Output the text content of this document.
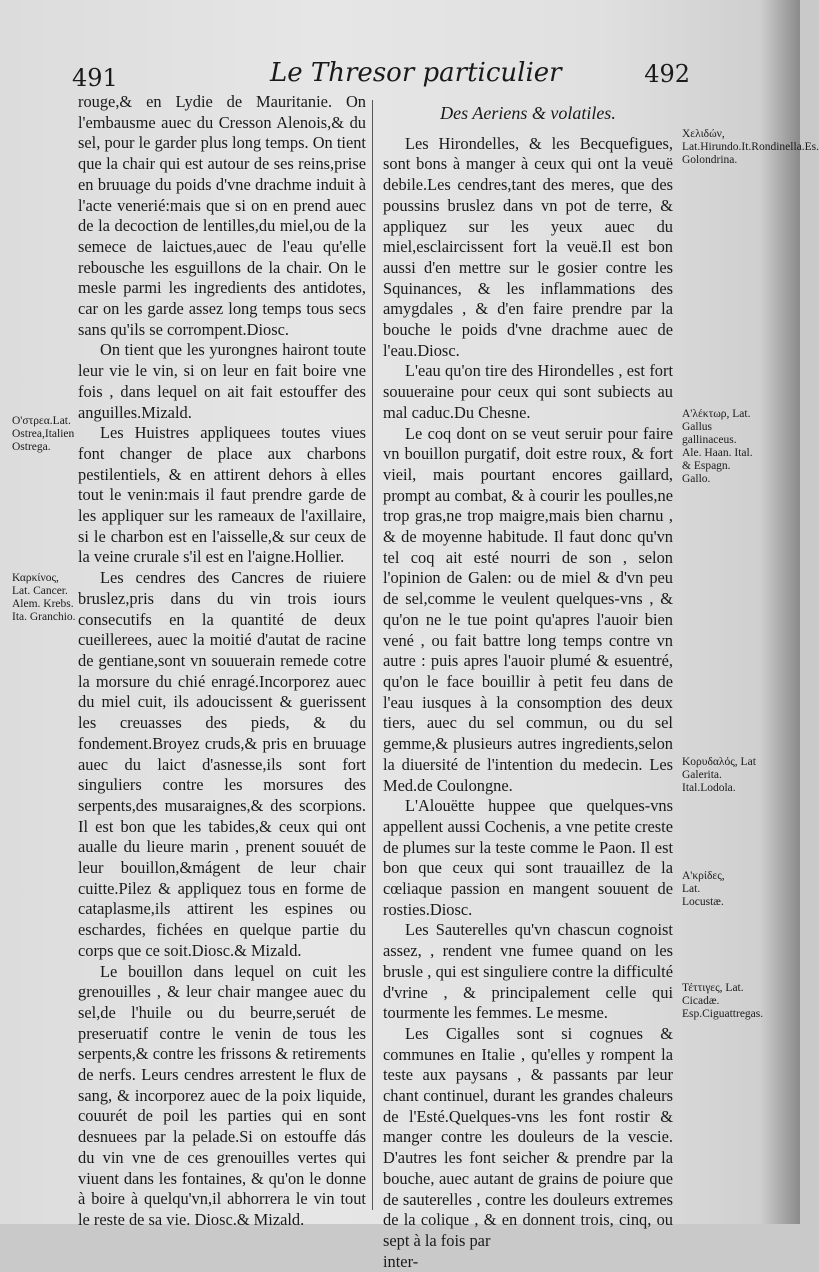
491	Le Thresor particulier	492

rouge,& en Lydie de Mauritanie. On l'embausme auec du Cresson Alenois,& du sel, pour le garder plus long temps. On tient que la chair qui est autour de ses reins,prise en bruuage du poids d'vne drachme induit à l'acte venerié:mais que si on en prend auec de la decoction de lentilles,du miel,ou de la semece de laictues,auec de l'eau qu'elle rebousche les esguillons de la chair. On le mesle parmi les ingredients des antidotes, car on les garde assez long temps tous secs sans qu'ils se corrompent.Diosc.

On tient que les yurongnes hairont toute leur vie le vin, si on leur en fait boire vne fois , dans lequel on ait fait estouffer des anguilles.Mizald.

Les Huistres appliquees toutes viues font changer de place aux charbons pestilentiels, & en attirent dehors à elles tout le venin:mais il faut prendre garde de les appliquer sur les rameaux de l'axillaire, si le charbon est en l'aisselle,& sur ceux de la veine crurale s'il est en l'aigne.Hollier.

Les cendres des Cancres de riuiere bruslez,pris dans du vin trois iours consecutifs en la quantité de deux cueillerees, auec la moitié d'autat de racine de gentiane,sont vn souuerain remede cotre la morsure du chié enragé.Incorporez auec du miel cuit, ils adoucissent & guerissent les creuasses des pieds, & du fondement.Broyez cruds,& pris en bruuage auec du laict d'asnesse,ils sont fort singuliers contre les morsures des serpents,des musaraignes,& des scorpions. Il est bon que les tabides,& ceux qui ont aualle du lieure marin , prenent souuét de leur bouillon,&mágent de leur chair cuitte.Pilez & appliquez tous en forme de cataplasme,ils attirent les espines ou eschardes, fichées en quelque partie du corps que ce soit.Diosc.& Mizald.

Le bouillon dans lequel on cuit les grenouilles , & leur chair mangee auec du sel,de l'huile ou du beurre,seruét de preseruatif contre le venin de tous les serpents,& contre les frissons & retirements de nerfs. Leurs cendres arrestent le flux de sang, & incorporez auec de la poix liquide, couurét de poil les parties qui en sont desnuees par la pelade.Si on estouffe dás du vin vne de ces grenouilles vertes qui viuent dans les fontaines, & qu'on le donne à boire à quelqu'vn,il abhorrera le vin tout le reste de sa vie. Diosc.& Mizald.

Des Aeriens & volatiles.

Les Hirondelles, & les Becquefigues, sont bons à manger à ceux qui ont la veuë debile.Les cendres,tant des meres, que des poussins bruslez dans vn pot de terre, & appliquez sur les yeux auec du miel,esclaircissent fort la veuë.Il est bon aussi d'en mettre sur le gosier contre les Squinances, & les inflammations des amygdales , & d'en faire prendre par la bouche le poids d'vne drachme auec de l'eau.Diosc.

L'eau qu'on tire des Hirondelles , est fort souueraine pour ceux qui sont subiects au mal caduc.Du Chesne.

Le coq dont on se veut seruir pour faire vn bouillon purgatif, doit estre roux, & fort vieil, mais pourtant encores gaillard, prompt au combat, & à courir les poulles,ne trop gras,ne trop maigre,mais bien charnu , & de moyenne habitude. Il faut donc qu'vn tel coq ait esté nourri de son , selon l'opinion de Galen: ou de miel & d'vn peu de sel,comme le veulent quelques-vns , & qu'on ne le tue point qu'apres l'auoir bien vené , ou fait battre long temps contre vn autre : puis apres l'auoir plumé & esuentré, qu'on le face bouillir à petit feu dans de l'eau iusques à la consomption des deux tiers, auec du sel commun, ou du sel gemme,& plusieurs autres ingredients,selon la diuersité de l'intention du medecin. Les Med.de Coulongne.

L'Alouëtte huppee que quelques-vns appellent aussi Cochenis, a vne petite creste de plumes sur la teste comme le Paon. Il est bon que ceux qui sont trauaillez de la cœliaque passion en mangent souuent de rosties.Diosc.

Les Sauterelles qu'vn chascun cognoist assez, , rendent vne fumee quand on les brusle , qui est singuliere contre la difficulté d'vrine , & principalement celle qui tourmente les femmes. Le mesme.

Les Cigalles sont si cognues & communes en Italie , qu'elles y rompent la teste aux paysans , & passants par leur chant continuel, durant les grandes chaleurs de l'Esté.Quelques-vns les font rostir & manger contre les douleurs de la vescie. D'autres les font seicher & prendre par la bouche, auec autant de grains de poiure que de sauterelles , contre les douleurs extremes de la colique , & en donnent trois, cinq, ou sept à la fois par

inter-

Ο'στρεα.Lat. Ostrea,Italien Ostrega.
Καρκίνος, Lat. Cancer. Alem. Krebs. Ita. Granchio.
Χελιδών, Lat.Hirundo.It.Rondinella.Es. Golondrina.
Α'λέκτωρ, Lat. Gallus gallinaceus. Ale. Haan. Ital. & Espagn. Gallo.
Κορυδαλός, Lat Galerita. Ital.Lodola.
Α'κρίδες, Lat. Locustæ.
Τέττιγες, Lat. Cicadæ. Esp.Ciguattregas.
